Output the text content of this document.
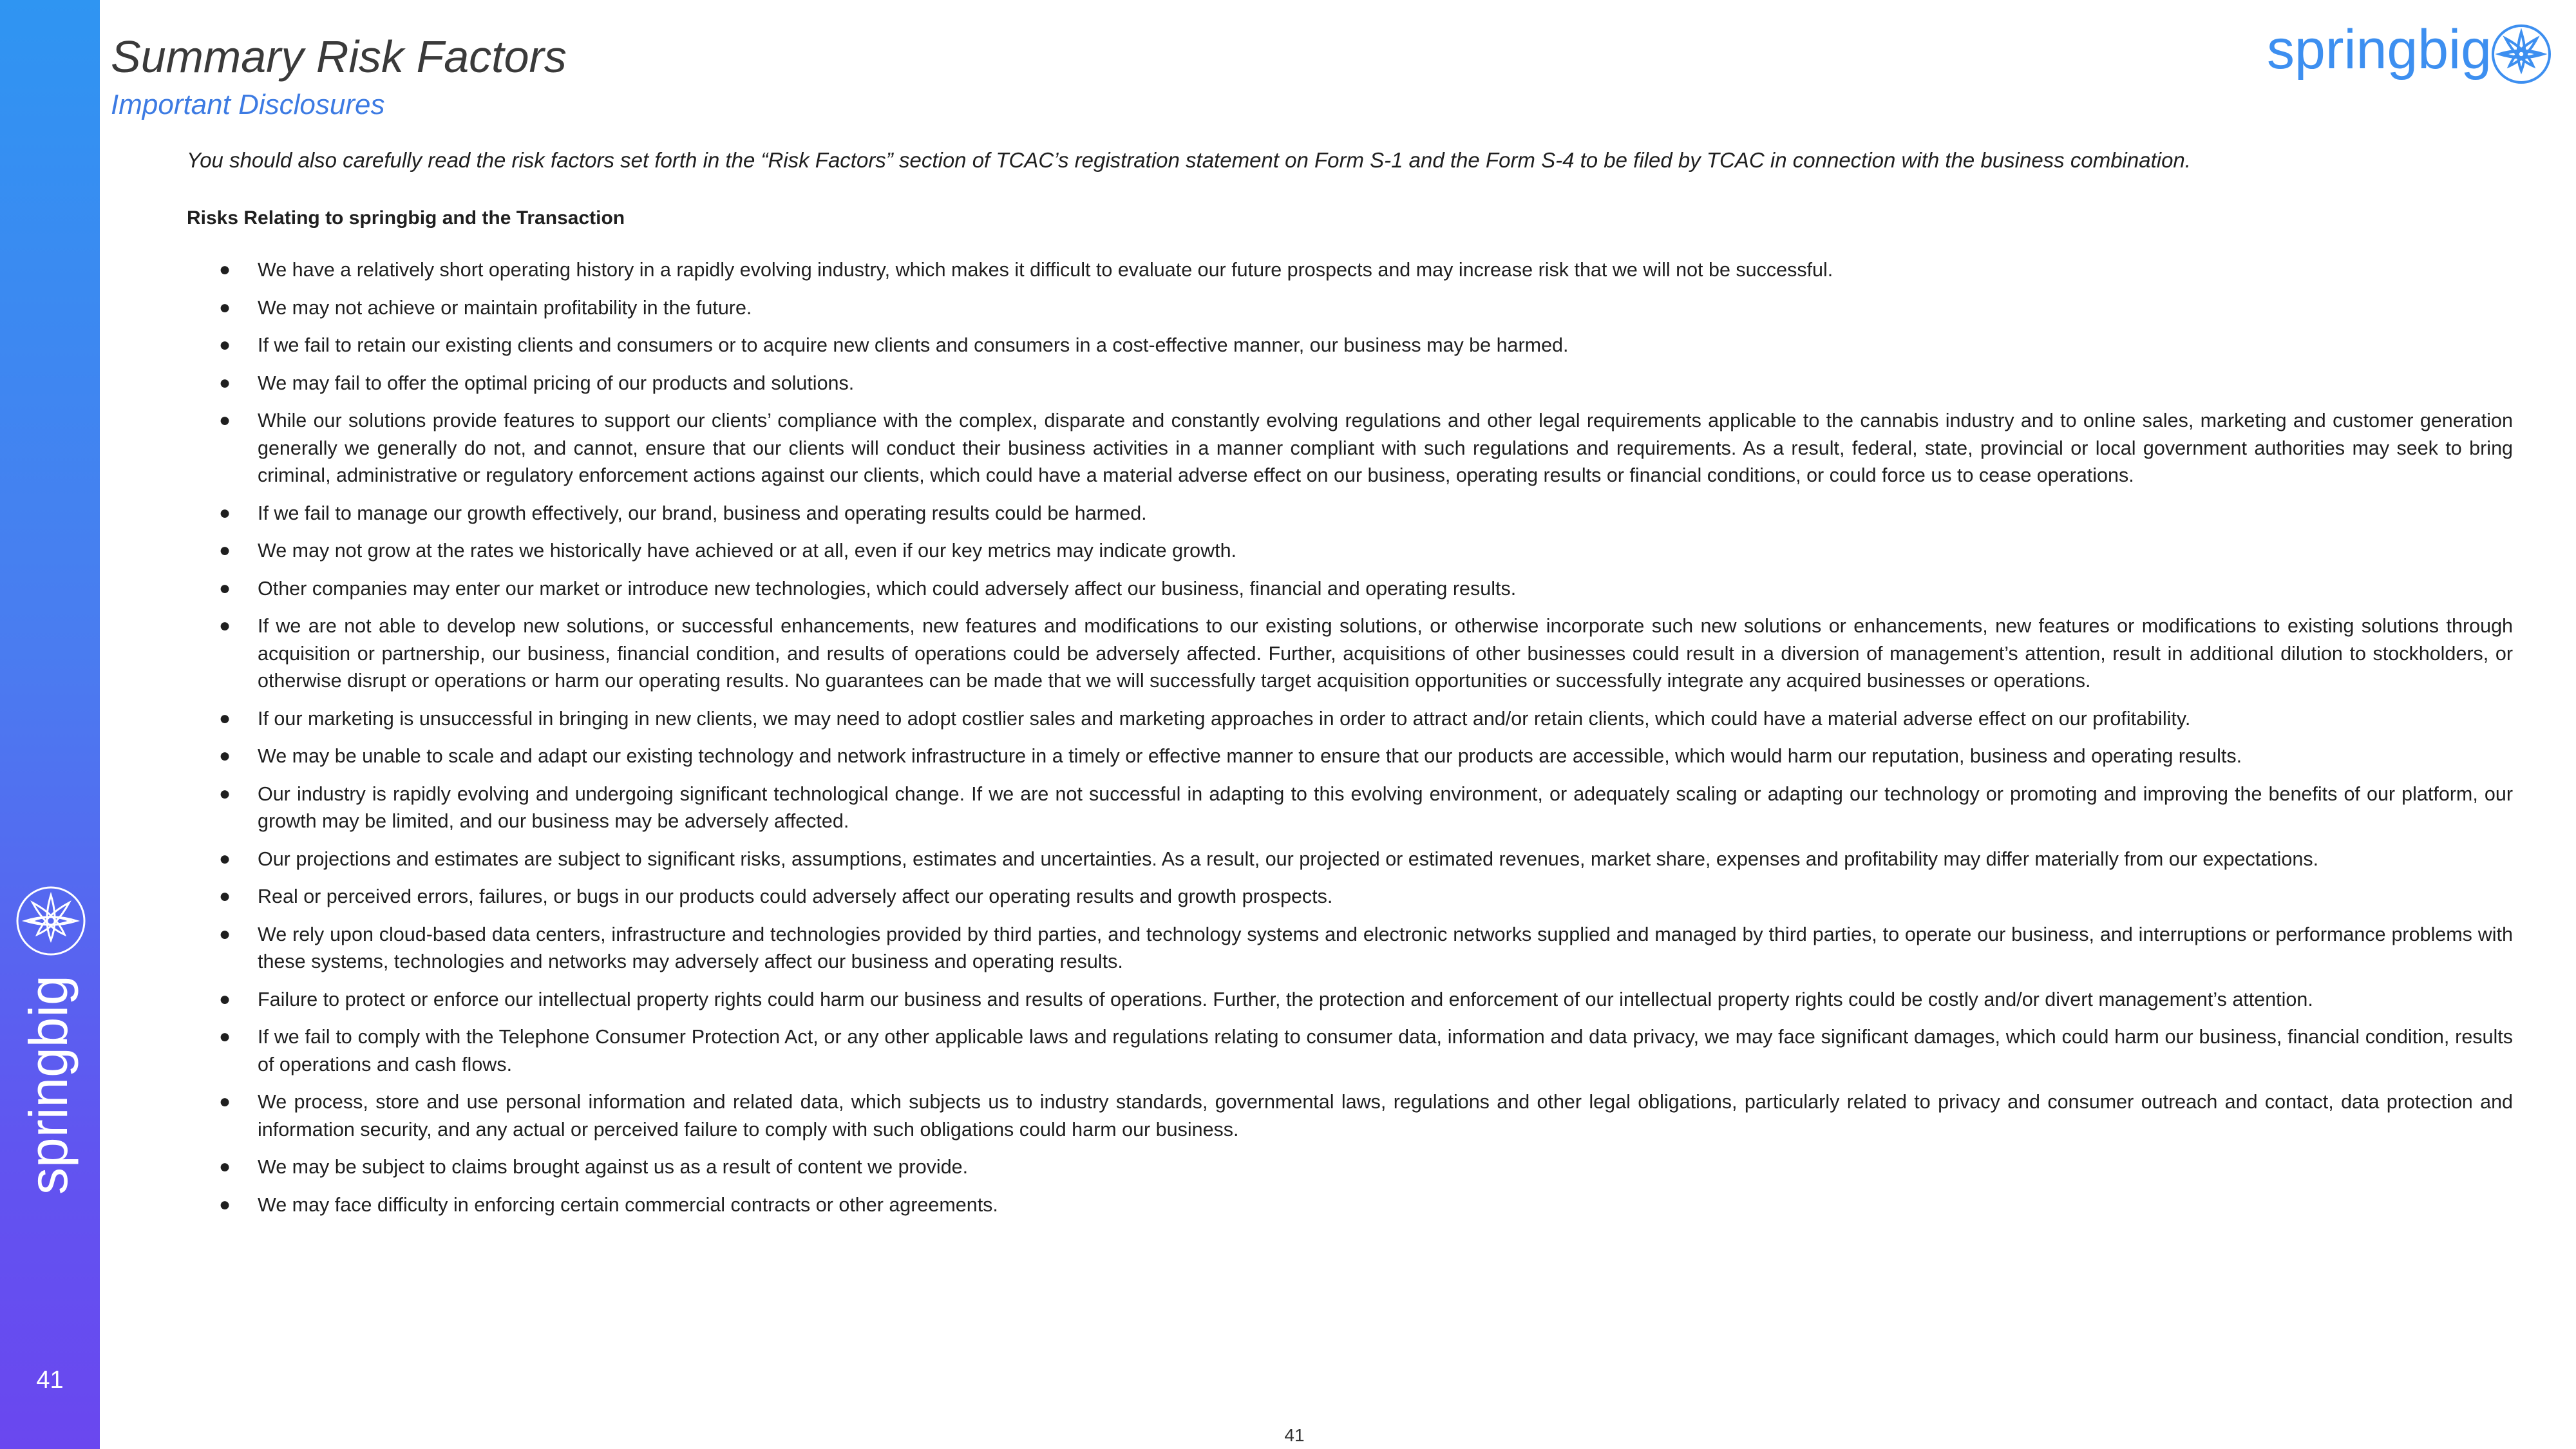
springbig
41
Summary Risk Factors
Important Disclosures
springbig

You should also carefully read the risk factors set forth in the “Risk Factors” section of TCAC’s registration statement on Form S-1 and the Form S-4 to be filed by TCAC in connection with the business combination.

Risks Relating to springbig and the Transaction

● We have a relatively short operating history in a rapidly evolving industry, which makes it difficult to evaluate our future prospects and may increase risk that we will not be successful.
● We may not achieve or maintain profitability in the future.
● If we fail to retain our existing clients and consumers or to acquire new clients and consumers in a cost-effective manner, our business may be harmed.
● We may fail to offer the optimal pricing of our products and solutions.
● While our solutions provide features to support our clients’ compliance with the complex, disparate and constantly evolving regulations and other legal requirements applicable to the cannabis industry and to online sales, marketing and customer generation generally we generally do not, and cannot, ensure that our clients will conduct their business activities in a manner compliant with such regulations and requirements. As a result, federal, state, provincial or local government authorities may seek to bring criminal, administrative or regulatory enforcement actions against our clients, which could have a material adverse effect on our business, operating results or financial conditions, or could force us to cease operations.
● If we fail to manage our growth effectively, our brand, business and operating results could be harmed.
● We may not grow at the rates we historically have achieved or at all, even if our key metrics may indicate growth.
● Other companies may enter our market or introduce new technologies, which could adversely affect our business, financial and operating results.
● If we are not able to develop new solutions, or successful enhancements, new features and modifications to our existing solutions, or otherwise incorporate such new solutions or enhancements, new features or modifications to existing solutions through acquisition or partnership, our business, financial condition, and results of operations could be adversely affected. Further, acquisitions of other businesses could result in a diversion of management’s attention, result in additional dilution to stockholders, or otherwise disrupt or operations or harm our operating results. No guarantees can be made that we will successfully target acquisition opportunities or successfully integrate any acquired businesses or operations.
● If our marketing is unsuccessful in bringing in new clients, we may need to adopt costlier sales and marketing approaches in order to attract and/or retain clients, which could have a material adverse effect on our profitability.
● We may be unable to scale and adapt our existing technology and network infrastructure in a timely or effective manner to ensure that our products are accessible, which would harm our reputation, business and operating results.
● Our industry is rapidly evolving and undergoing significant technological change. If we are not successful in adapting to this evolving environment, or adequately scaling or adapting our technology or promoting and improving the benefits of our platform, our growth may be limited, and our business may be adversely affected.
● Our projections and estimates are subject to significant risks, assumptions, estimates and uncertainties. As a result, our projected or estimated revenues, market share, expenses and profitability may differ materially from our expectations.
● Real or perceived errors, failures, or bugs in our products could adversely affect our operating results and growth prospects.
● We rely upon cloud-based data centers, infrastructure and technologies provided by third parties, and technology systems and electronic networks supplied and managed by third parties, to operate our business, and interruptions or performance problems with these systems, technologies and networks may adversely affect our business and operating results.
● Failure to protect or enforce our intellectual property rights could harm our business and results of operations. Further, the protection and enforcement of our intellectual property rights could be costly and/or divert management’s attention.
● If we fail to comply with the Telephone Consumer Protection Act, or any other applicable laws and regulations relating to consumer data, information and data privacy, we may face significant damages, which could harm our business, financial condition, results of operations and cash flows.
● We process, store and use personal information and related data, which subjects us to industry standards, governmental laws, regulations and other legal obligations, particularly related to privacy and consumer outreach and contact, data protection and information security, and any actual or perceived failure to comply with such obligations could harm our business.
● We may be subject to claims brought against us as a result of content we provide.
● We may face difficulty in enforcing certain commercial contracts or other agreements.
41
